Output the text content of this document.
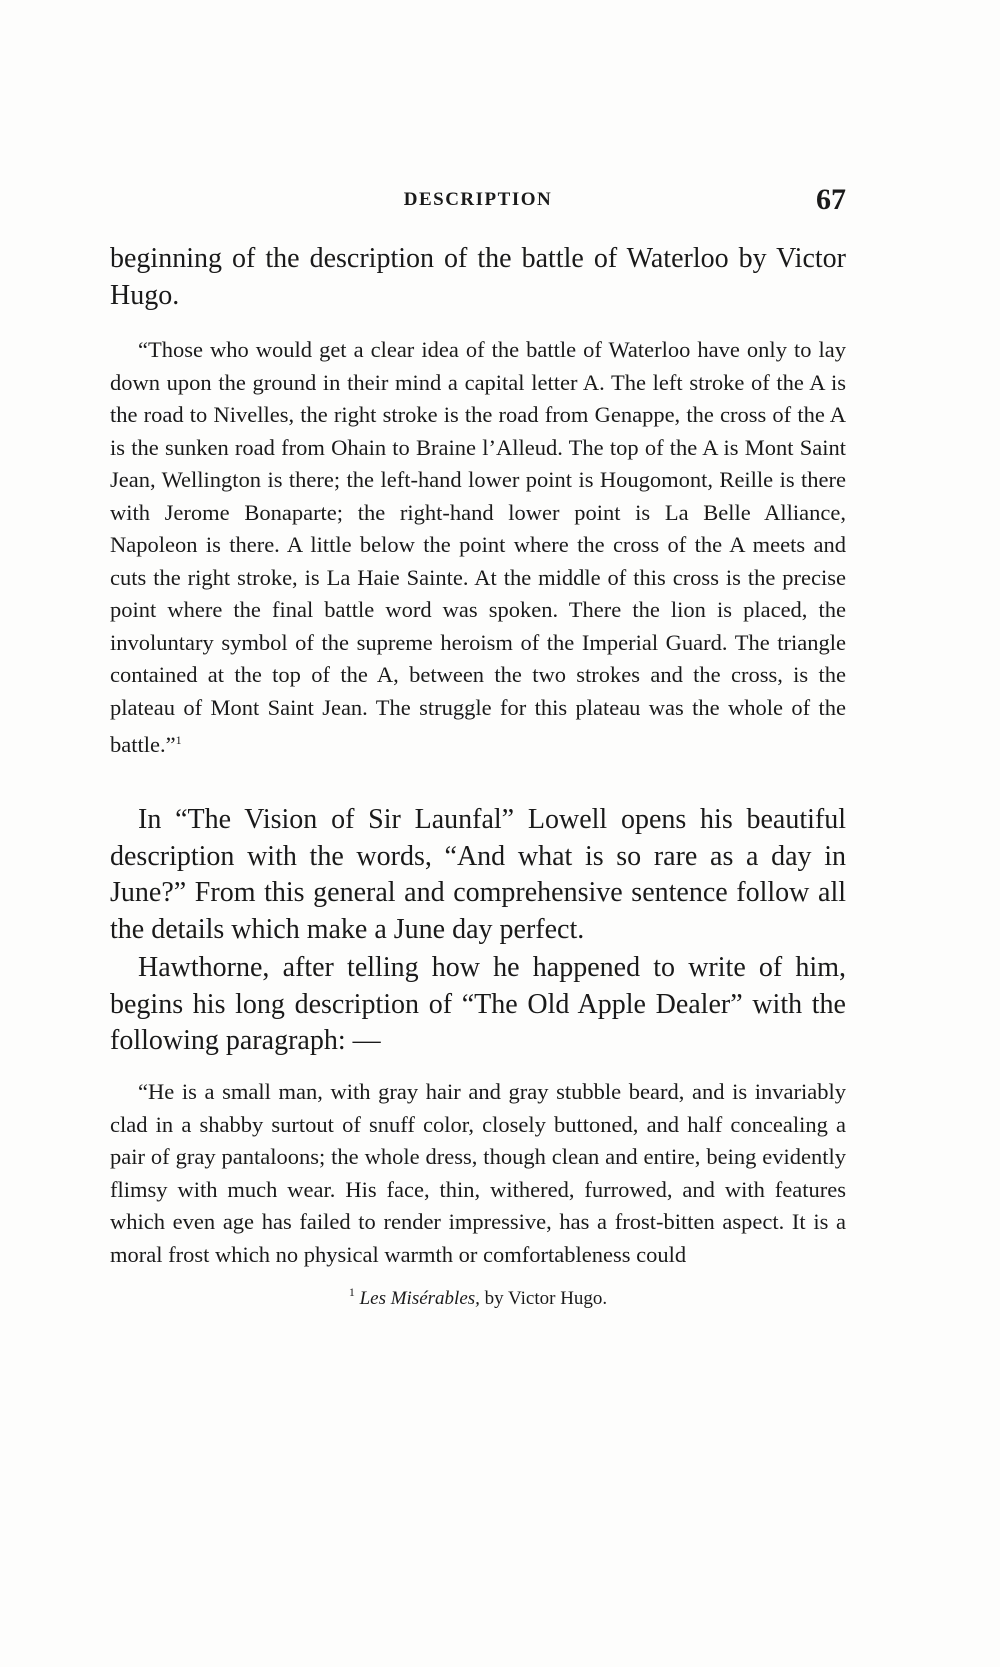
DESCRIPTION	67
beginning of the description of the battle of Waterloo by Victor Hugo.
“Those who would get a clear idea of the battle of Waterloo have only to lay down upon the ground in their mind a capital letter A. The left stroke of the A is the road to Nivelles, the right stroke is the road from Genappe, the cross of the A is the sunken road from Ohain to Braine l’Alleud. The top of the A is Mont Saint Jean, Wellington is there; the left-hand lower point is Hougomont, Reille is there with Jerome Bonaparte; the right-hand lower point is La Belle Alliance, Napoleon is there. A little below the point where the cross of the A meets and cuts the right stroke, is La Haie Sainte. At the middle of this cross is the precise point where the final battle word was spoken. There the lion is placed, the involuntary symbol of the supreme heroism of the Imperial Guard. The triangle contained at the top of the A, between the two strokes and the cross, is the plateau of Mont Saint Jean. The struggle for this plateau was the whole of the battle.”$^1$
In “The Vision of Sir Launfal” Lowell opens his beautiful description with the words, “And what is so rare as a day in June?” From this general and comprehensive sentence follow all the details which make a June day perfect.
Hawthorne, after telling how he happened to write of him, begins his long description of “The Old Apple Dealer” with the following paragraph: —
“He is a small man, with gray hair and gray stubble beard, and is invariably clad in a shabby surtout of snuff color, closely buttoned, and half concealing a pair of gray pantaloons; the whole dress, though clean and entire, being evidently flimsy with much wear. His face, thin, withered, furrowed, and with features which even age has failed to render impressive, has a frost-bitten aspect. It is a moral frost which no physical warmth or comfortableness could
$^1$ Les Misérables, by Victor Hugo.
